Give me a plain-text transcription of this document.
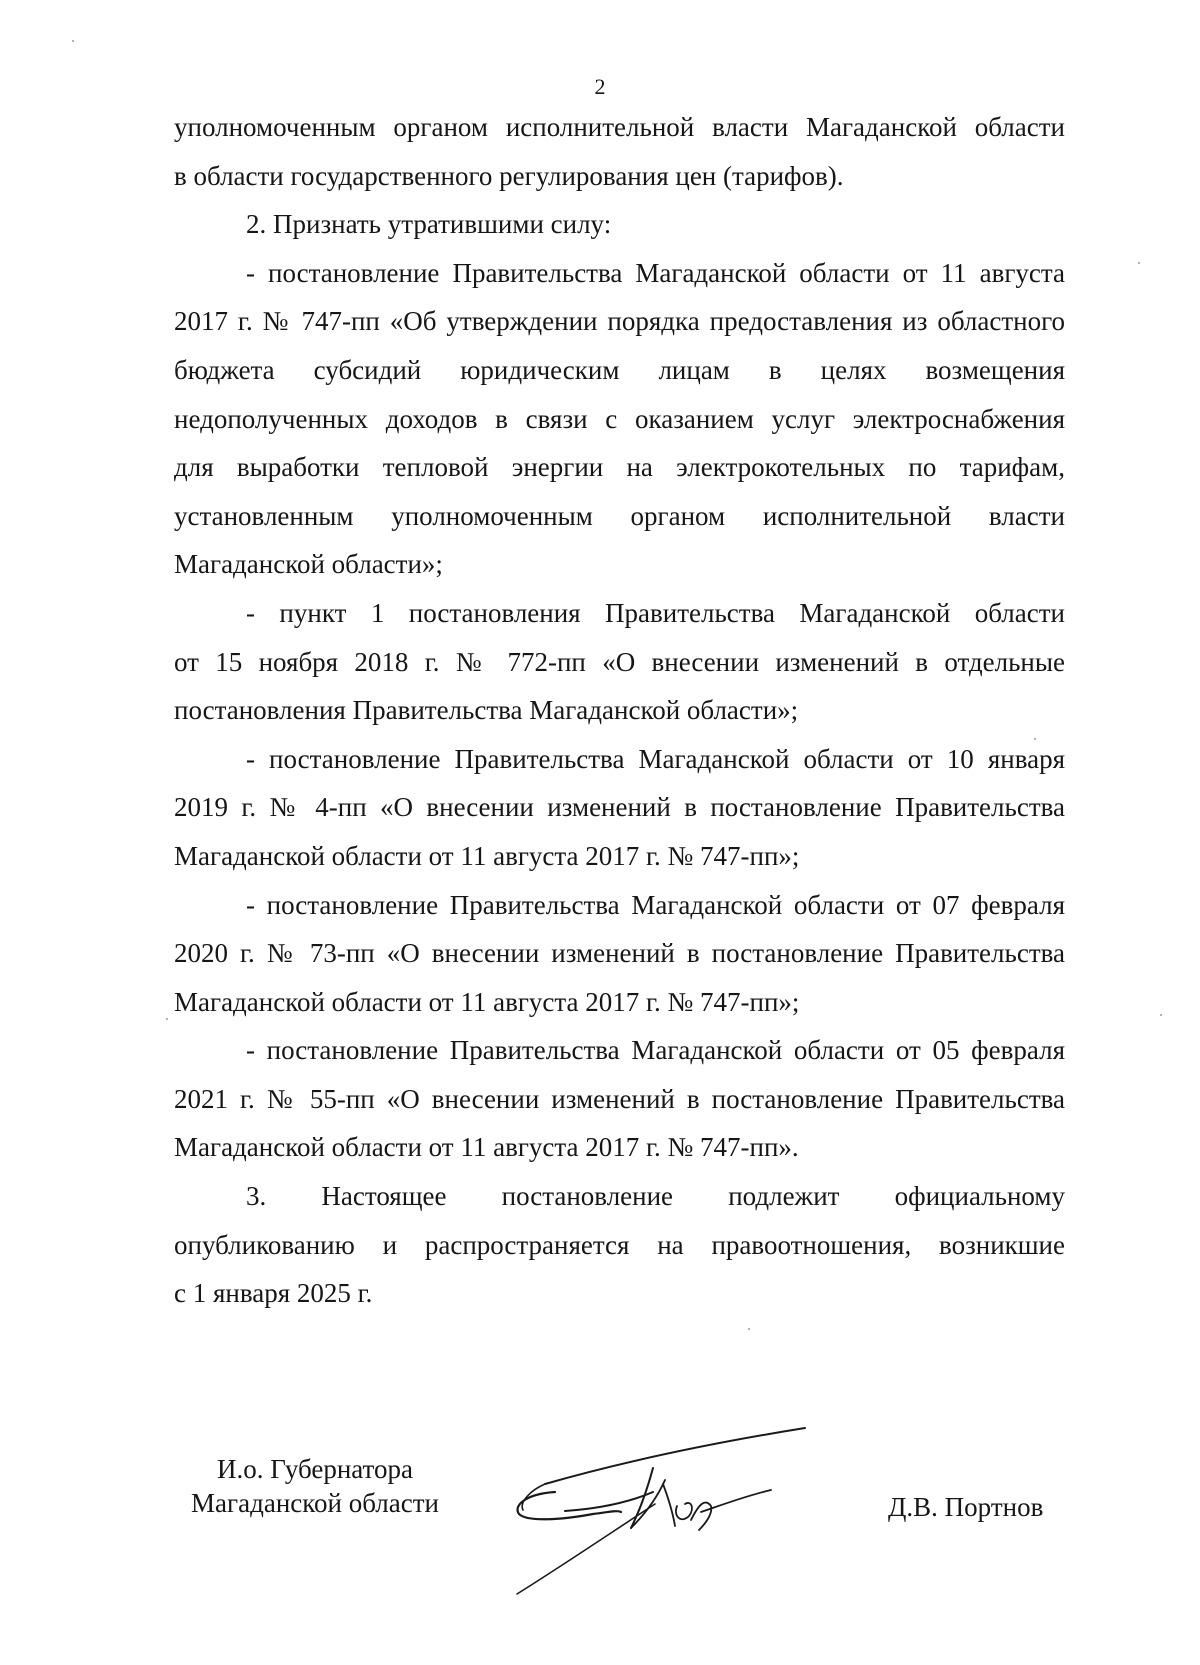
2

уполномоченным органом исполнительной власти Магаданской области
в области государственного регулирования цен (тарифов).

2. Признать утратившими силу:

- постановление Правительства Магаданской области от 11 августа
2017 г. № 747-пп «Об утверждении порядка предоставления из областного
бюджета субсидий юридическим лицам в целях возмещения
недополученных доходов в связи с оказанием услуг электроснабжения
для выработки тепловой энергии на электрокотельных по тарифам,
установленным уполномоченным органом исполнительной власти
Магаданской области»;

- пункт 1 постановления Правительства Магаданской области
от 15 ноября 2018 г. № 772-пп «О внесении изменений в отдельные
постановления Правительства Магаданской области»;

- постановление Правительства Магаданской области от 10 января
2019 г. № 4-пп «О внесении изменений в постановление Правительства
Магаданской области от 11 августа 2017 г. № 747-пп»;

- постановление Правительства Магаданской области от 07 февраля
2020 г. № 73-пп «О внесении изменений в постановление Правительства
Магаданской области от 11 августа 2017 г. № 747-пп»;

- постановление Правительства Магаданской области от 05 февраля
2021 г. № 55-пп «О внесении изменений в постановление Правительства
Магаданской области от 11 августа 2017 г. № 747-пп».

3. Настоящее постановление подлежит официальному
опубликованию и распространяется на правоотношения, возникшие
с 1 января 2025 г.

И.о. Губернатора
Магаданской области	Д.В. Портнов
